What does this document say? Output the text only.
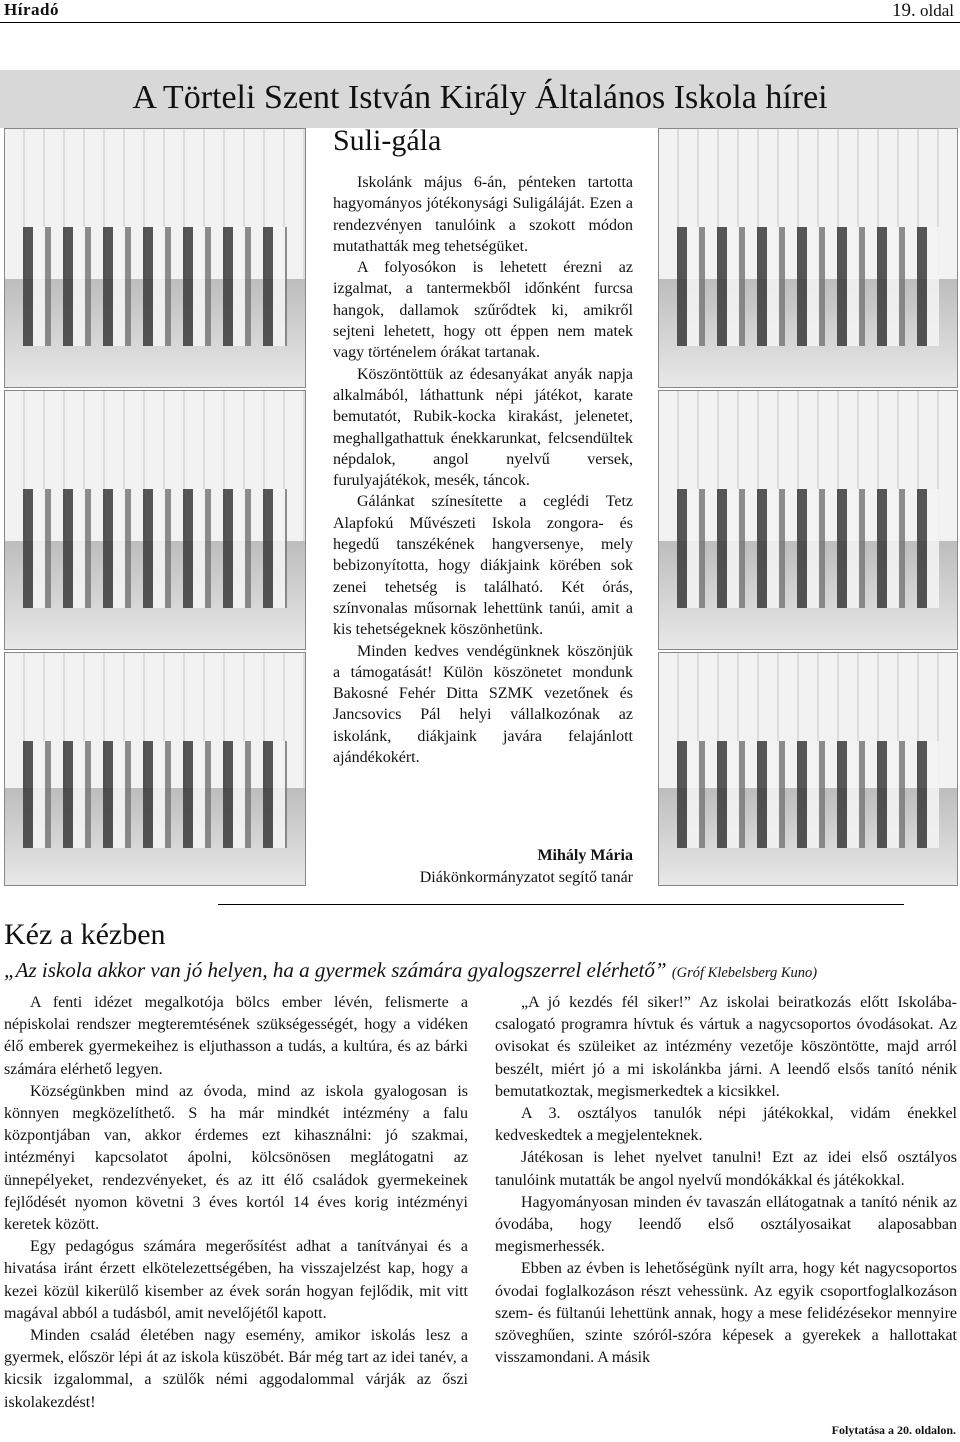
Híradó	19. oldal
A Törteli Szent István Király Általános Iskola hírei
Suli-gála

Iskolánk május 6-án, pénteken tartotta hagyományos jótékonysági Suligáláját. Ezen a rendezvényen tanulóink a szokott módon mutathatták meg tehetségüket.

A folyosókon is lehetett érezni az izgalmat, a tantermekből időnként furcsa hangok, dallamok szűrődtek ki, amikről sejteni lehetett, hogy ott éppen nem matek vagy történelem órákat tartanak.

Köszöntöttük az édesanyákat anyák napja alkalmából, láthattunk népi játékot, karate bemutatót, Rubik-kocka kirakást, jelenetet, meghallgathattuk énekkarunkat, felcsendültek népdalok, angol nyelvű versek, furulyajátékok, mesék, táncok.

Gálánkat színesítette a ceglédi Tetz Alapfokú Művészeti Iskola zongora- és hegedű tanszékének hangversenye, mely bebizonyította, hogy diákjaink körében sok zenei tehetség is található. Két órás, színvonalas műsornak lehettünk tanúi, amit a kis tehetségeknek köszönhetünk.

Minden kedves vendégünknek köszönjük a támogatását! Külön köszönetet mondunk Bakosné Fehér Ditta SZMK vezetőnek és Jancsovics Pál helyi vállalkozónak az iskolánk, diákjaink javára felajánlott ajándékokért.

Mihály Mária
Diákönkormányzatot segítő tanár
Kéz a kézben
„Az iskola akkor van jó helyen, ha a gyermek számára gyalogszerrel elérhető” (Gróf Klebelsberg Kuno)

A fenti idézet megalkotója bölcs ember lévén, felismerte a népiskolai rendszer megteremtésének szükségességét, hogy a vidéken élő emberek gyermekeihez is eljuthasson a tudás, a kultúra, és az bárki számára elérhető legyen.

Községünkben mind az óvoda, mind az iskola gyalogosan is könnyen megközelíthető. S ha már mindkét intézmény a falu központjában van, akkor érdemes ezt kihasználni: jó szakmai, intézményi kapcsolatot ápolni, kölcsönösen meglátogatni az ünnepélyeket, rendezvényeket, és az itt élő családok gyermekeinek fejlődését nyomon követni 3 éves kortól 14 éves korig intézményi keretek között.

Egy pedagógus számára megerősítést adhat a tanítványai és a hivatása iránt érzett elkötelezettségében, ha visszajelzést kap, hogy a kezei közül kikerülő kisember az évek során hogyan fejlődik, mit vitt magával abból a tudásból, amit nevelőjétől kapott.

Minden család életében nagy esemény, amikor iskolás lesz a gyermek, először lépi át az iskola küszöbét. Bár még tart az idei tanév, a kicsik izgalommal, a szülők némi aggodalommal várják az őszi iskolakezdést!

„A jó kezdés fél siker!” Az iskolai beiratkozás előtt Iskolába-csalogató programra hívtuk és vártuk a nagycsoportos óvodásokat. Az ovisokat és szüleiket az intézmény vezetője köszöntötte, majd arról beszélt, miért jó a mi iskolánkba járni. A leendő elsős tanító nénik bemutatkoztak, megismerkedtek a kicsikkel.

A 3. osztályos tanulók népi játékokkal, vidám énekkel kedveskedtek a megjelenteknek.

Játékosan is lehet nyelvet tanulni! Ezt az idei első osztályos tanulóink mutatták be angol nyelvű mondókákkal és játékokkal.

Hagyományosan minden év tavaszán ellátogatnak a tanító nénik az óvodába, hogy leendő első osztályosaikat alaposabban megismerhessék.

Ebben az évben is lehetőségünk nyílt arra, hogy két nagycsoportos óvodai foglalkozáson részt vehessünk. Az egyik csoportfoglalkozáson szem- és fültanúi lehettünk annak, hogy a mese felidézésekor mennyire szöveghűen, szinte szóról-szóra képesek a gyerekek a hallottakat visszamondani. A másik

Folytatása a 20. oldalon.
